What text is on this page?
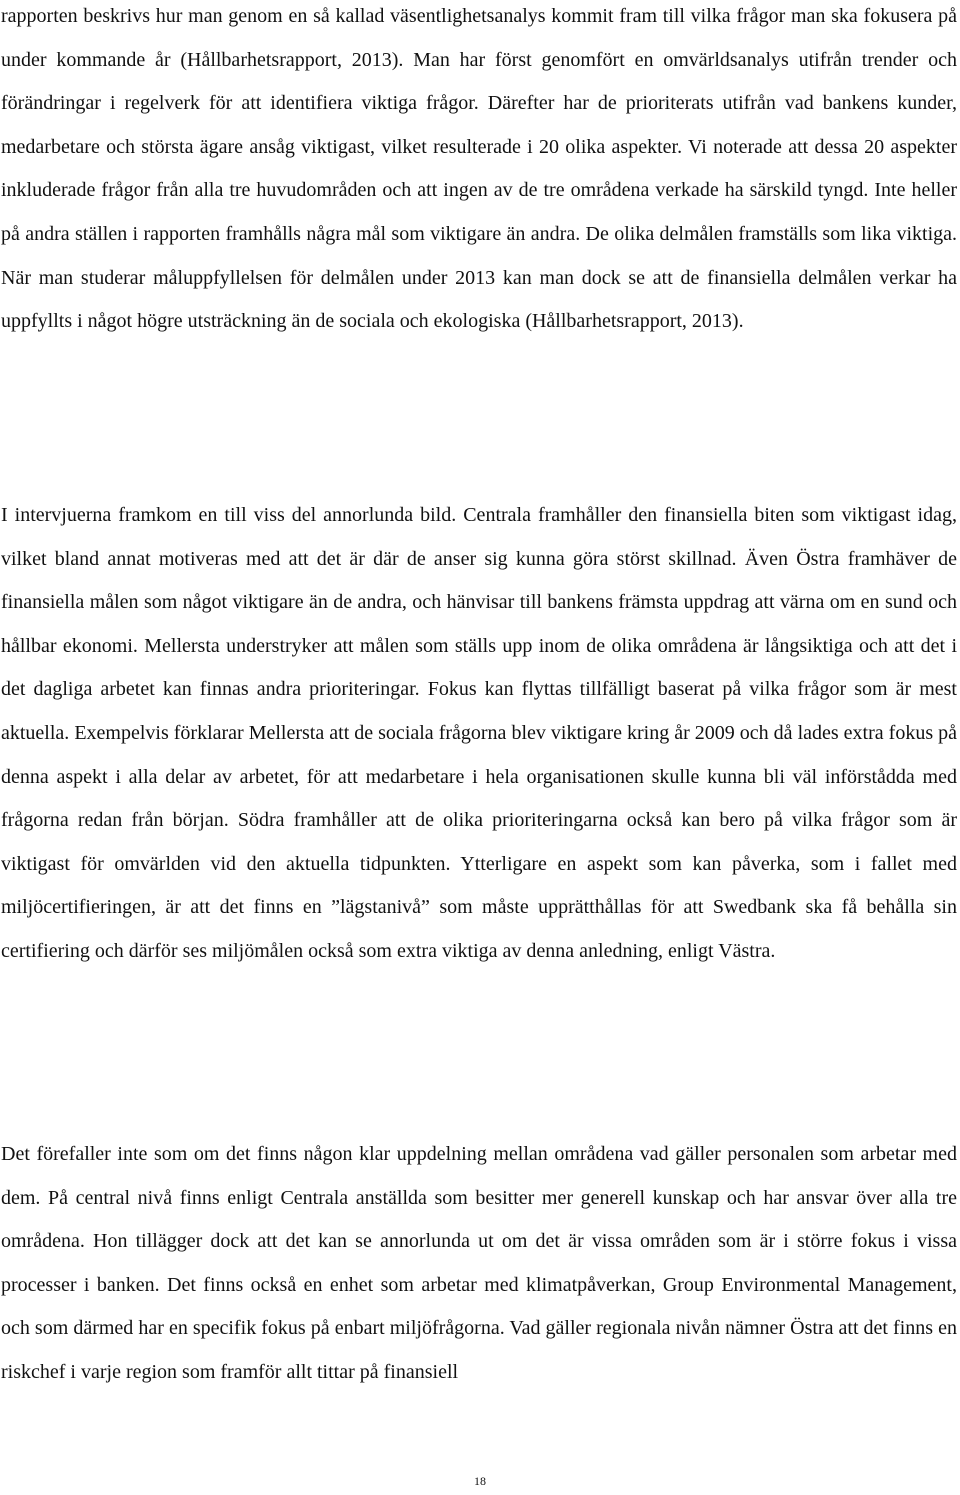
rapporten beskrivs hur man genom en så kallad väsentlighetsanalys kommit fram till vilka frågor man ska fokusera på under kommande år (Hållbarhetsrapport, 2013). Man har först genomfört en omvärldsanalys utifrån trender och förändringar i regelverk för att identifiera viktiga frågor. Därefter har de prioriterats utifrån vad bankens kunder, medarbetare och största ägare ansåg viktigast, vilket resulterade i 20 olika aspekter. Vi noterade att dessa 20 aspekter inkluderade frågor från alla tre huvudområden och att ingen av de tre områdena verkade ha särskild tyngd. Inte heller på andra ställen i rapporten framhålls några mål som viktigare än andra. De olika delmålen framställs som lika viktiga. När man studerar måluppfyllelsen för delmålen under 2013 kan man dock se att de finansiella delmålen verkar ha uppfyllts i något högre utsträckning än de sociala och ekologiska (Hållbarhetsrapport, 2013).

I intervjuerna framkom en till viss del annorlunda bild. Centrala framhåller den finansiella biten som viktigast idag, vilket bland annat motiveras med att det är där de anser sig kunna göra störst skillnad. Även Östra framhäver de finansiella målen som något viktigare än de andra, och hänvisar till bankens främsta uppdrag att värna om en sund och hållbar ekonomi. Mellersta understryker att målen som ställs upp inom de olika områdena är långsiktiga och att det i det dagliga arbetet kan finnas andra prioriteringar. Fokus kan flyttas tillfälligt baserat på vilka frågor som är mest aktuella. Exempelvis förklarar Mellersta att de sociala frågorna blev viktigare kring år 2009 och då lades extra fokus på denna aspekt i alla delar av arbetet, för att medarbetare i hela organisationen skulle kunna bli väl införstådda med frågorna redan från början. Södra framhåller att de olika prioriteringarna också kan bero på vilka frågor som är viktigast för omvärlden vid den aktuella tidpunkten. Ytterligare en aspekt som kan påverka, som i fallet med miljöcertifieringen, är att det finns en ”lägstanivå” som måste upprätthållas för att Swedbank ska få behålla sin certifiering och därför ses miljömålen också som extra viktiga av denna anledning, enligt Västra.

Det förefaller inte som om det finns någon klar uppdelning mellan områdena vad gäller personalen som arbetar med dem. På central nivå finns enligt Centrala anställda som besitter mer generell kunskap och har ansvar över alla tre områdena. Hon tillägger dock att det kan se annorlunda ut om det är vissa områden som är i större fokus i vissa processer i banken. Det finns också en enhet som arbetar med klimatpåverkan, Group Environmental Management, och som därmed har en specifik fokus på enbart miljöfrågorna. Vad gäller regionala nivån nämner Östra att det finns en riskchef i varje region som framför allt tittar på finansiell

18
